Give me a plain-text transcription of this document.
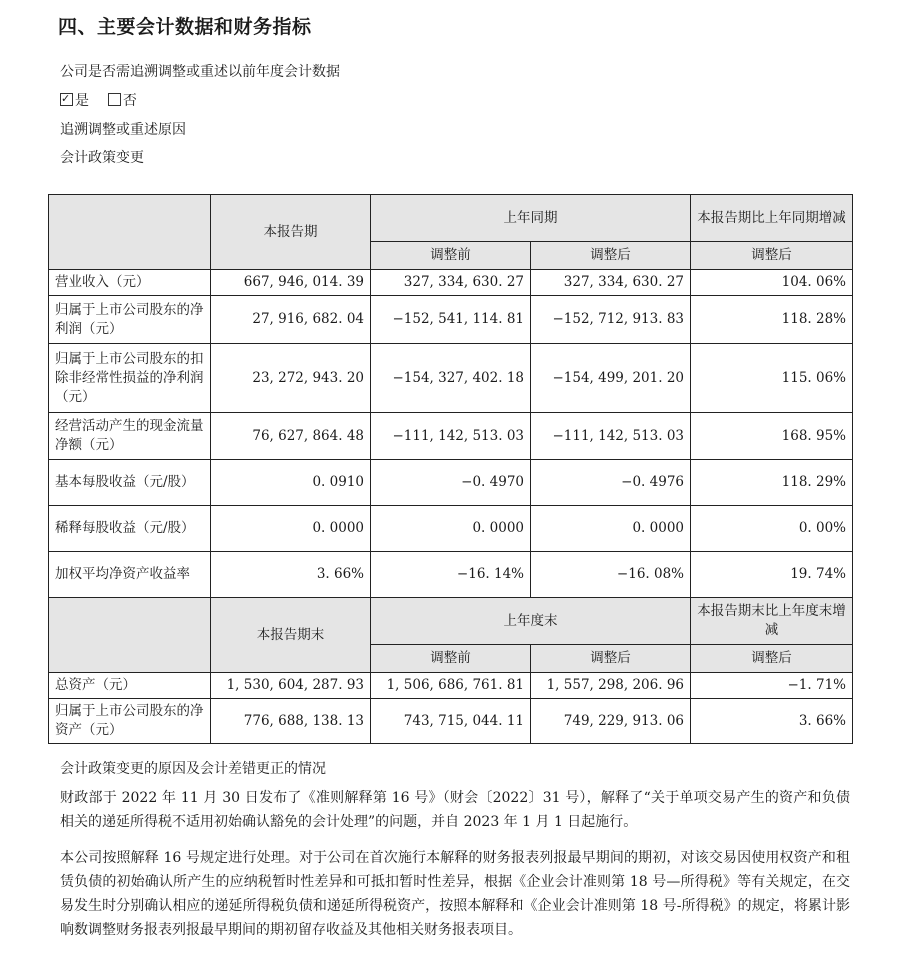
四、主要会计数据和财务指标
公司是否需追溯调整或重述以前年度会计数据
✓是 否
追溯调整或重述原因
会计政策变更
	本报告期	上年同期		本报告期比上年同期增减
		调整前	调整后	调整后
营业收入（元）	667, 946, 014. 39	327, 334, 630. 27	327, 334, 630. 27	104. 06%
归属于上市公司股东的净利润（元）	27, 916, 682. 04	−152, 541, 114. 81	−152, 712, 913. 83	118. 28%
归属于上市公司股东的扣除非经常性损益的净利润（元）	23, 272, 943. 20	−154, 327, 402. 18	−154, 499, 201. 20	115. 06%
经营活动产生的现金流量净额（元）	76, 627, 864. 48	−111, 142, 513. 03	−111, 142, 513. 03	168. 95%
基本每股收益（元/股）	0. 0910	−0. 4970	−0. 4976	118. 29%
稀释每股收益（元/股）	0. 0000	0. 0000	0. 0000	0. 00%
加权平均净资产收益率	3. 66%	−16. 14%	−16. 08%	19. 74%
	本报告期末	上年度末		本报告期末比上年度末增减
		调整前	调整后	调整后
总资产（元）	1, 530, 604, 287. 93	1, 506, 686, 761. 81	1, 557, 298, 206. 96	−1. 71%
归属于上市公司股东的净资产（元）	776, 688, 138. 13	743, 715, 044. 11	749, 229, 913. 06	3. 66%
会计政策变更的原因及会计差错更正的情况
财政部于 2022 年 11 月 30 日发布了《准则解释第 16 号》（财会〔2022〕31 号），解释了“关于单项交易产生的资产和负债相关的递延所得税不适用初始确认豁免的会计处理”的问题，并自 2023 年 1 月 1 日起施行。
本公司按照解释 16 号规定进行处理。对于公司在首次施行本解释的财务报表列报最早期间的期初，对该交易因使用权资产和租赁负债的初始确认所产生的应纳税暂时性差异和可抵扣暂时性差异，根据《企业会计准则第 18 号—所得税》等有关规定，在交易发生时分别确认相应的递延所得税负债和递延所得税资产，按照本解释和《企业会计准则第 18 号-所得税》的规定，将累计影响数调整财务报表列报最早期间的期初留存收益及其他相关财务报表项目。
